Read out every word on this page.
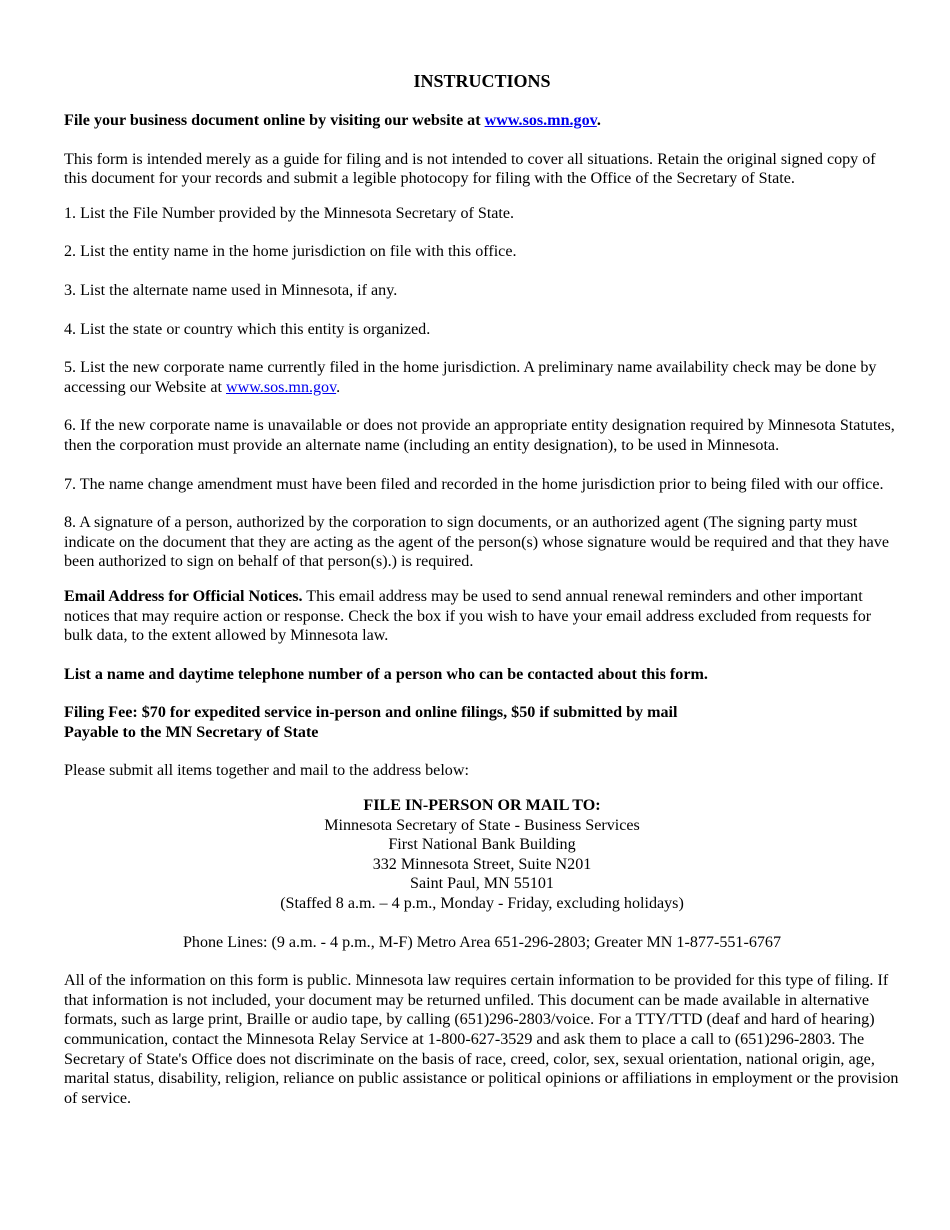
INSTRUCTIONS

File your business document online by visiting our website at www.sos.mn.gov.

This form is intended merely as a guide for filing and is not intended to cover all situations. Retain the original signed copy of this document for your records and submit a legible photocopy for filing with the Office of the Secretary of State.

1. List the File Number provided by the Minnesota Secretary of State.

2. List the entity name in the home jurisdiction on file with this office.

3. List the alternate name used in Minnesota, if any.

4. List the state or country which this entity is organized.

5. List the new corporate name currently filed in the home jurisdiction. A preliminary name availability check may be done by accessing our Website at www.sos.mn.gov.

6. If the new corporate name is unavailable or does not provide an appropriate entity designation required by Minnesota Statutes, then the corporation must provide an alternate name (including an entity designation), to be used in Minnesota.

7. The name change amendment must have been filed and recorded in the home jurisdiction prior to being filed with our office.

8. A signature of a person, authorized by the corporation to sign documents, or an authorized agent (The signing party must indicate on the document that they are acting as the agent of the person(s) whose signature would be required and that they have been authorized to sign on behalf of that person(s).) is required.

Email Address for Official Notices. This email address may be used to send annual renewal reminders and other important notices that may require action or response. Check the box if you wish to have your email address excluded from requests for bulk data, to the extent allowed by Minnesota law.

List a name and daytime telephone number of a person who can be contacted about this form.

Filing Fee: $70 for expedited service in-person and online filings, $50 if submitted by mail

Payable to the MN Secretary of State

Please submit all items together and mail to the address below:

FILE IN-PERSON OR MAIL TO:

Minnesota Secretary of State - Business Services

First National Bank Building

332 Minnesota Street, Suite N201

Saint Paul, MN 55101

(Staffed 8 a.m. – 4 p.m., Monday - Friday, excluding holidays)

Phone Lines: (9 a.m. - 4 p.m., M-F) Metro Area 651-296-2803; Greater MN 1-877-551-6767

All of the information on this form is public. Minnesota law requires certain information to be provided for this type of filing. If that information is not included, your document may be returned unfiled. This document can be made available in alternative formats, such as large print, Braille or audio tape, by calling (651)296-2803/voice. For a TTY/TTD (deaf and hard of hearing) communication, contact the Minnesota Relay Service at 1-800-627-3529 and ask them to place a call to (651)296-2803. The Secretary of State's Office does not discriminate on the basis of race, creed, color, sex, sexual orientation, national origin, age, marital status, disability, religion, reliance on public assistance or political opinions or affiliations in employment or the provision of service.
